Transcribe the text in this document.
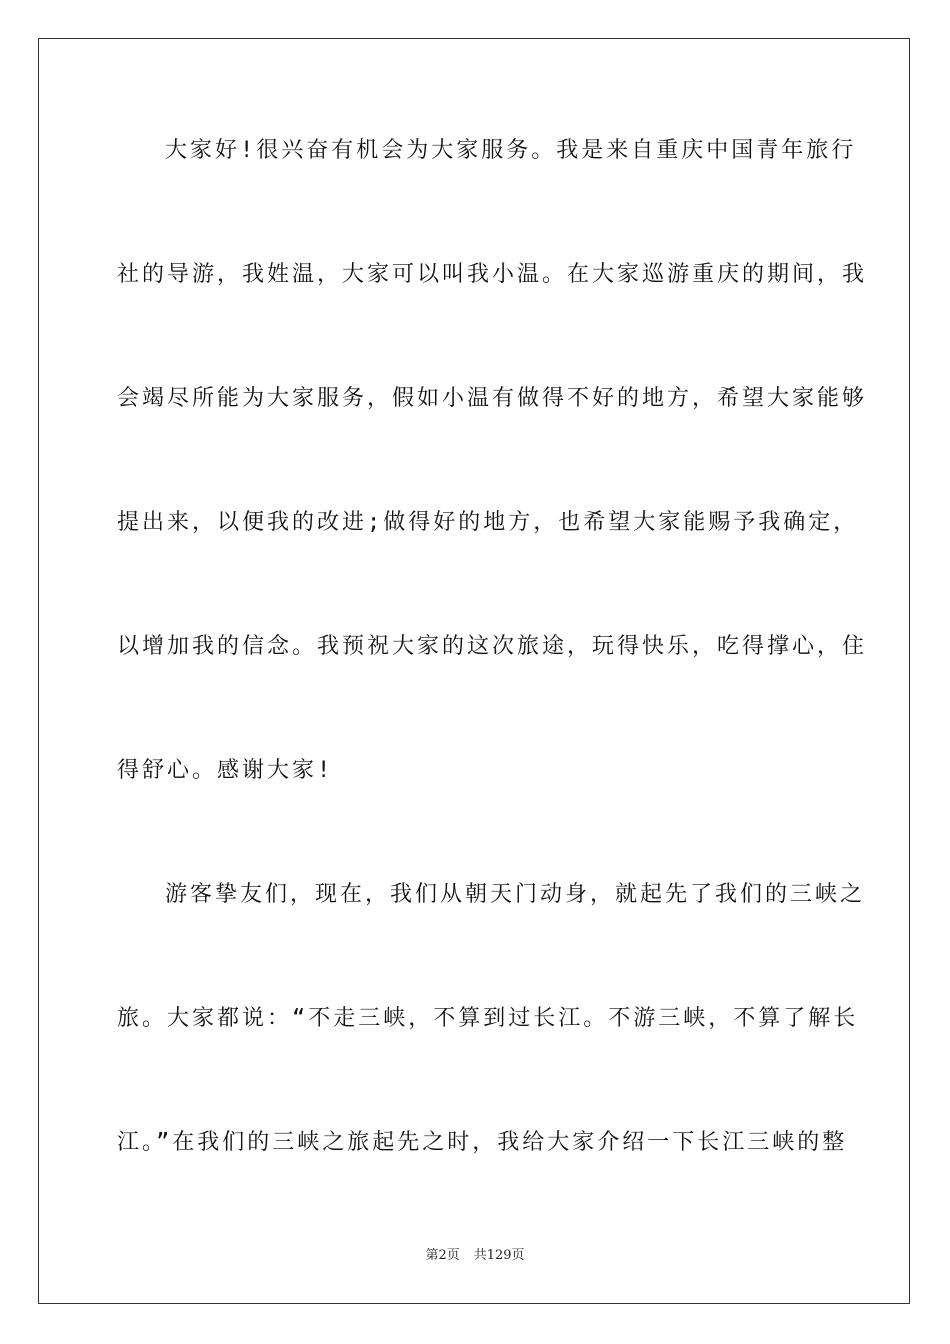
大家好!很兴奋有机会为大家服务。我是来自重庆中国青年旅行
社的导游，我姓温，大家可以叫我小温。在大家巡游重庆的期间，我
会竭尽所能为大家服务，假如小温有做得不好的地方，希望大家能够
提出来，以便我的改进;做得好的地方，也希望大家能赐予我确定，
以增加我的信念。我预祝大家的这次旅途，玩得快乐，吃得撑心，住
得舒心。感谢大家!
游客挚友们，现在，我们从朝天门动身，就起先了我们的三峡之
旅。大家都说：“不走三峡，不算到过长江。不游三峡，不算了解长
江。”在我们的三峡之旅起先之时，我给大家介绍一下长江三峡的整
第2页 共129页
